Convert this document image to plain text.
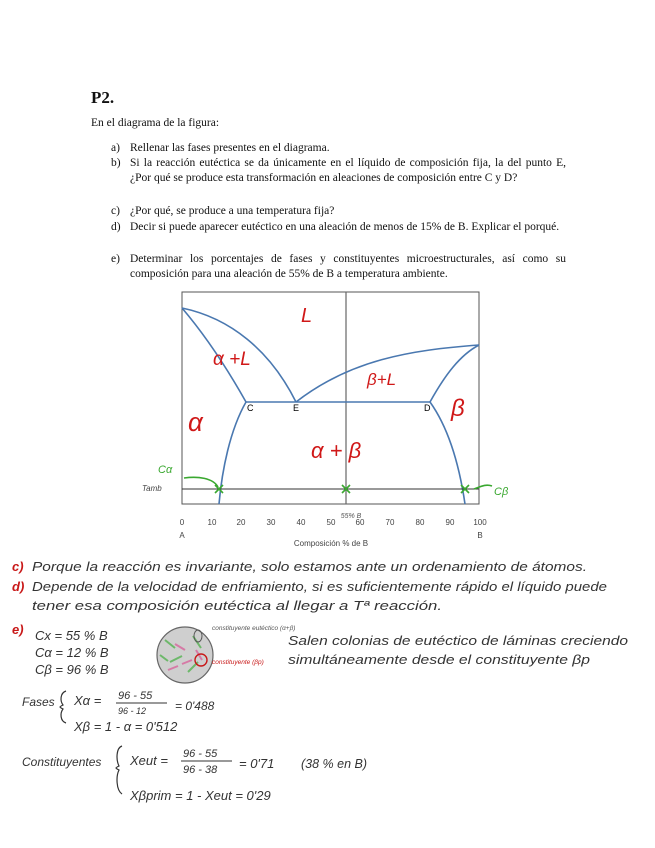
P2.
En el diagrama de la figura:
a) Rellenar las fases presentes en el diagrama.
b) Si la reacción eutéctica se da únicamente en el líquido de composición fija, la del punto E, ¿Por qué se produce esta transformación en aleaciones de composición entre C y D?
c) ¿Por qué, se produce a una temperatura fija?
d) Decir si puede aparecer eutéctico en una aleación de menos de 15% de B. Explicar el porqué.
e) Determinar los porcentajes de fases y constituyentes microestructurales, así como su composición para una aleación de 55% de B a temperatura ambiente.
C	E	D
L
α +L
β+L
α	β
α + β
Cα
Cβ
Tamb
0	10	20	30	40	50	60	70	80	90 100
Composición % de B
A	B
55% B
c) Porque la reacción es invariante, solo estamos ante un ordenamiento de átomos.
d) Depende de la velocidad de enfriamiento, si es suficientemente rápido el líquido puede
tener esa composición eutéctica al llegar a Tª reacción.
e) Cx = 55 % B
Cα = 12 % B
Cβ = 96 % B
constituyente eutéctico (α+β)
constituyente (βp)
Salen colonias de eutéctico de láminas creciendo
simultáneamente desde el constituyente βp
Fases Xα = 96 - 55
96 - 12 = 0'488
Xβ = 1 - α = 0'512
Constituyentes Xeut = 96 - 55
96 - 38 = 0'71 (38 % en B)
Xβprim = 1 - Xeut = 0'29
